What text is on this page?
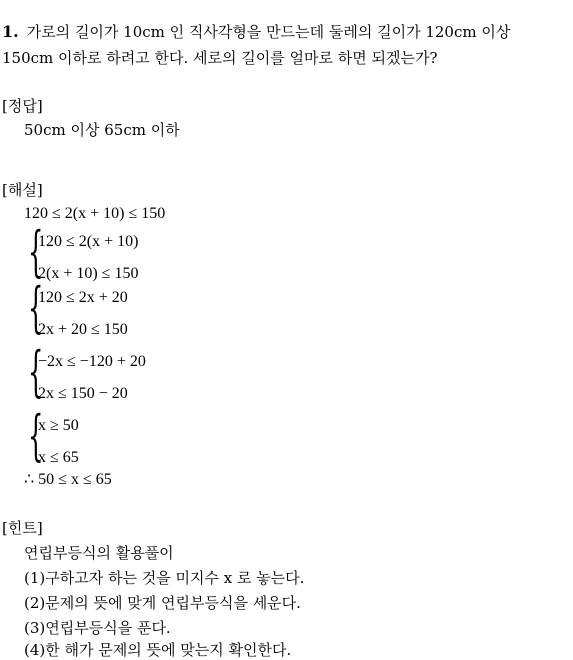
1. 가로의 길이가 10cm 인 직사각형을 만드는데 둘레의 길이가 120cm 이상
150cm 이하로 하려고 한다. 세로의 길이를 얼마로 하면 되겠는가?
[정답]
50cm 이상 65cm 이하
[해설]
120 ≤ 2(x + 10) ≤ 150
{
120 ≤ 2(x + 10)
2(x + 10) ≤ 150
{
120 ≤ 2x + 20
2x + 20 ≤ 150
{
−2x ≤ −120 + 20
2x ≤ 150 − 20
{
x ≥ 50
x ≤ 65
∴ 50 ≤ x ≤ 65
[힌트]
연립부등식의 활용풀이
(1)구하고자 하는 것을 미지수 x 로 놓는다.
(2)문제의 뜻에 맞게 연립부등식을 세운다.
(3)연립부등식을 푼다.
(4)한 해가 문제의 뜻에 맞는지 확인한다.
